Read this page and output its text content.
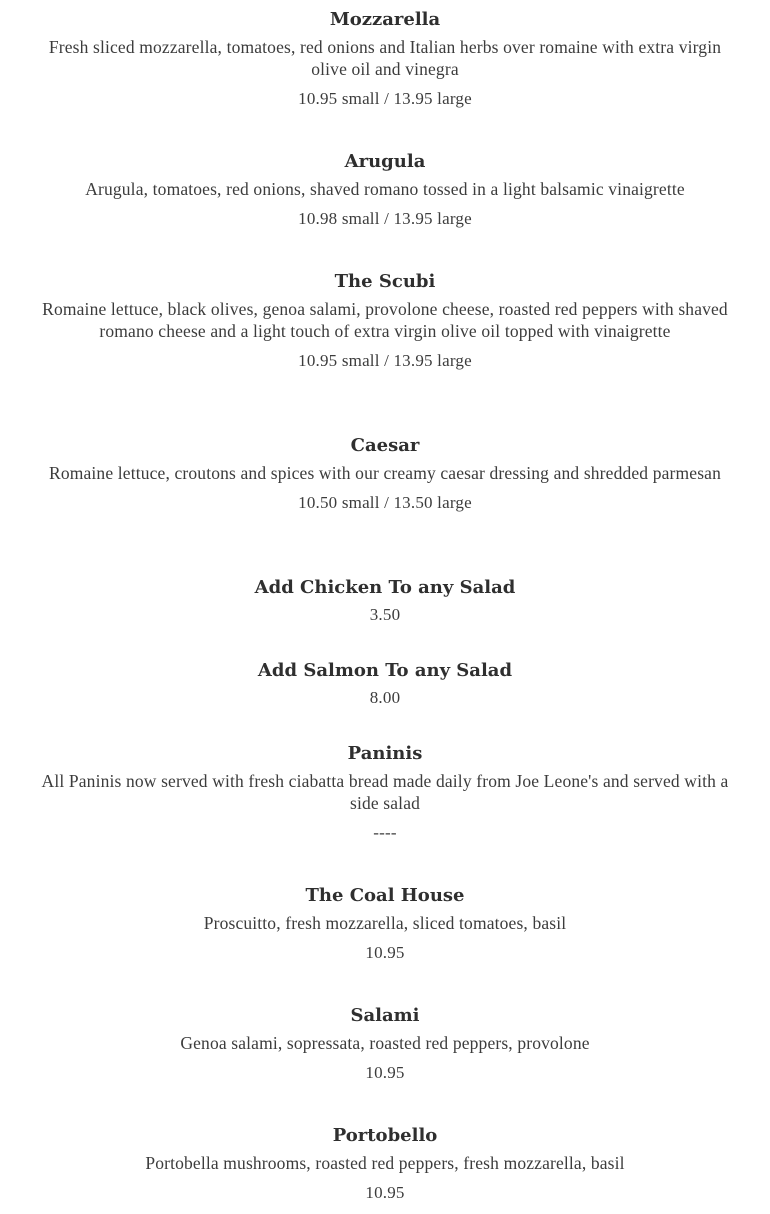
Mozzarella
Fresh sliced mozzarella, tomatoes, red onions and Italian herbs over romaine with extra virgin olive oil and vinegra
10.95 small / 13.95 large
Arugula
Arugula, tomatoes, red onions, shaved romano tossed in a light balsamic vinaigrette
10.98 small / 13.95 large
The Scubi
Romaine lettuce, black olives, genoa salami, provolone cheese, roasted red peppers with shaved romano cheese and a light touch of extra virgin olive oil topped with vinaigrette
10.95 small / 13.95 large
Caesar
Romaine lettuce, croutons and spices with our creamy caesar dressing and shredded parmesan
10.50 small / 13.50 large
Add Chicken To any Salad
3.50
Add Salmon To any Salad
8.00
Paninis
All Paninis now served with fresh ciabatta bread made daily from Joe Leone's and served with a side salad
----
The Coal House
Proscuitto, fresh mozzarella, sliced tomatoes, basil
10.95
Salami
Genoa salami, sopressata, roasted red peppers, provolone
10.95
Portobello
Portobella mushrooms, roasted red peppers, fresh mozzarella, basil
10.95
